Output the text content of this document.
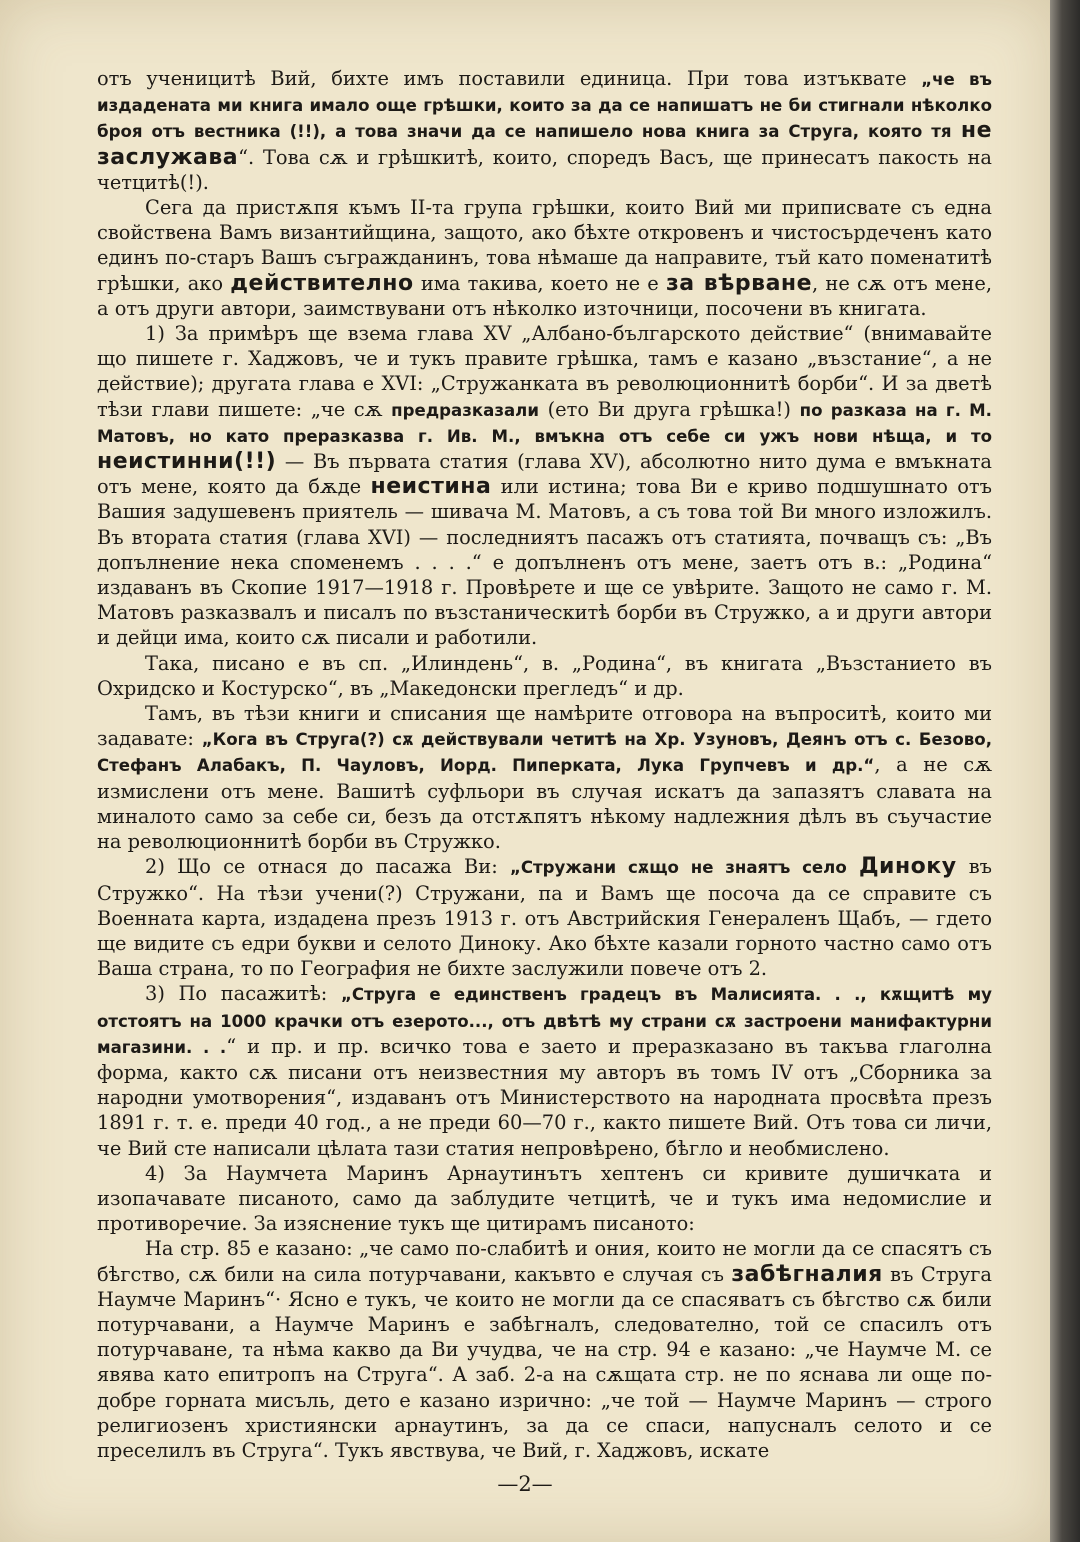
отъ ученицитѣ Вий, бихте имъ поставили единица. При това изтъквате „че въ издадената ми книга имало още грѣшки, които за да се напишатъ не би стигнали нѣколко броя отъ вестника (!!), а това значи да се напишело нова книга за Струга, която тя не заслужава“. Това сѫ и грѣшкитѣ, които, споредъ Васъ, ще принесатъ пакость на четцитѣ(!).

Сега да пристѫпя къмъ II-та група грѣшки, които Вий ми приписвате съ една свойствена Вамъ византийщина, защото, ако бѣхте откровенъ и чистосърдеченъ като единъ по-старъ Вашъ съгражданинъ, това нѣмаше да направите, тъй като поменатитѣ грѣшки, ако действително има такива, което не е за вѣрване, не сѫ отъ мене, а отъ други автори, заимствувани отъ нѣколко източници, посочени въ книгата.

1) За примѣръ ще взема глава XV „Албано-българското действие“ (внимавайте що пишете г. Хаджовъ, че и тукъ правите грѣшка, тамъ е казано „възстание“, а не действие); другата глава е XVI: „Стружанката въ революционнитѣ борби“. И за дветѣ тѣзи глави пишете: „че сѫ предразказали (ето Ви друга грѣшка!) по разказа на г. М. Матовъ, но като преразказва г. Ив. М., вмъкна отъ себе си ужъ нови нѣща, и то неистинни(!!) — Въ първата статия (глава XV), абсолютно нито дума е вмъкната отъ мене, която да бѫде неистина или истина; това Ви е криво подшушнато отъ Вашия задушевенъ приятель — шивача М. Матовъ, а съ това той Ви много изложилъ. Въ втората статия (глава XVI) — последниятъ пасажъ отъ статията, почващъ съ: „Въ допълнение нека споменемъ . . . .“ е допълненъ отъ мене, заетъ отъ в.: „Родина“ издаванъ въ Скопие 1917—1918 г. Провѣрете и ще се увѣрите. Защото не само г. М. Матовъ разказвалъ и писалъ по възстаническитѣ борби въ Стружко, а и други автори и дейци има, които сѫ писали и работили.

Така, писано е въ сп. „Илиндень“, в. „Родина“, въ книгата „Възстанието въ Охридско и Костурско“, въ „Македонски прегледъ“ и др.

Тамъ, въ тѣзи книги и списания ще намѣрите отговора на въпроситѣ, които ми задавате: „Кога въ Струга(?) сѫ действували четитѣ на Хр. Узуновъ, Деянъ отъ с. Безово, Стефанъ Алабакъ, П. Чауловъ, Иорд. Пиперката, Лука Групчевъ и др.“, а не сѫ измислени отъ мене. Вашитѣ суфльори въ случая искатъ да запазятъ славата на миналото само за себе си, безъ да отстѫпятъ нѣкому надлежния дѣлъ въ съучастие на революционнитѣ борби въ Стружко.

2) Що се отнася до пасажа Ви: „Стружани сѫщо не знаятъ село Диноку въ Стружко“. На тѣзи учени(?) Стружани, па и Вамъ ще посоча да се справите съ Военната карта, издадена презъ 1913 г. отъ Австрийския Генераленъ Щабъ, — гдето ще видите съ едри букви и селото Диноку. Ако бѣхте казали горното частно само отъ Ваша страна, то по География не бихте заслужили повече отъ 2.

3) По пасажитѣ: „Струга е единственъ градецъ въ Малисията. . ., кѫщитѣ му отстоятъ на 1000 крачки отъ езерото..., отъ двѣтѣ му страни сѫ застроени манифактурни магазини. . .“ и пр. и пр. всичко това е заето и преразказано въ такъва глаголна форма, както сѫ писани отъ неизвестния му авторъ въ томъ IV отъ „Сборника за народни умотворения“, издаванъ отъ Министерството на народната просвѣта презъ 1891 г. т. е. преди 40 год., а не преди 60—70 г., както пишете Вий. Отъ това си личи, че Вий сте написали цѣлата тази статия непровѣрено, бѣгло и необмислено.

4) За Наумчета Маринъ Арнаутинътъ хептенъ си кривите душичката и изопачавате писаното, само да заблудите четцитѣ, че и тукъ има недомислие и противоречие. За изяснение тукъ ще цитирамъ писаното:

На стр. 85 е казано: „че само по-слабитѣ и ония, които не могли да се спасятъ съ бѣгство, сѫ били на сила потурчавани, какъвто е случая съ забѣгналия въ Струга Наумче Маринъ“· Ясно е тукъ, че които не могли да се спасяватъ съ бѣгство сѫ били потурчавани, а Наумче Маринъ е забѣгналъ, следователно, той се спасилъ отъ потурчаване, та нѣма какво да Ви учудва, че на стр. 94 е казано: „че Наумче М. се явява като епитропъ на Струга“. А заб. 2-а на сѫщата стр. не по яснава ли още по-добре горната мисъль, дето е казано изрично: „че той — Наумче Маринъ — строго религиозенъ християнски арнаутинъ, за да се спаси, напусналъ селото и се преселилъ въ Струга“. Тукъ явствува, че Вий, г. Хаджовъ, искате

—2—
